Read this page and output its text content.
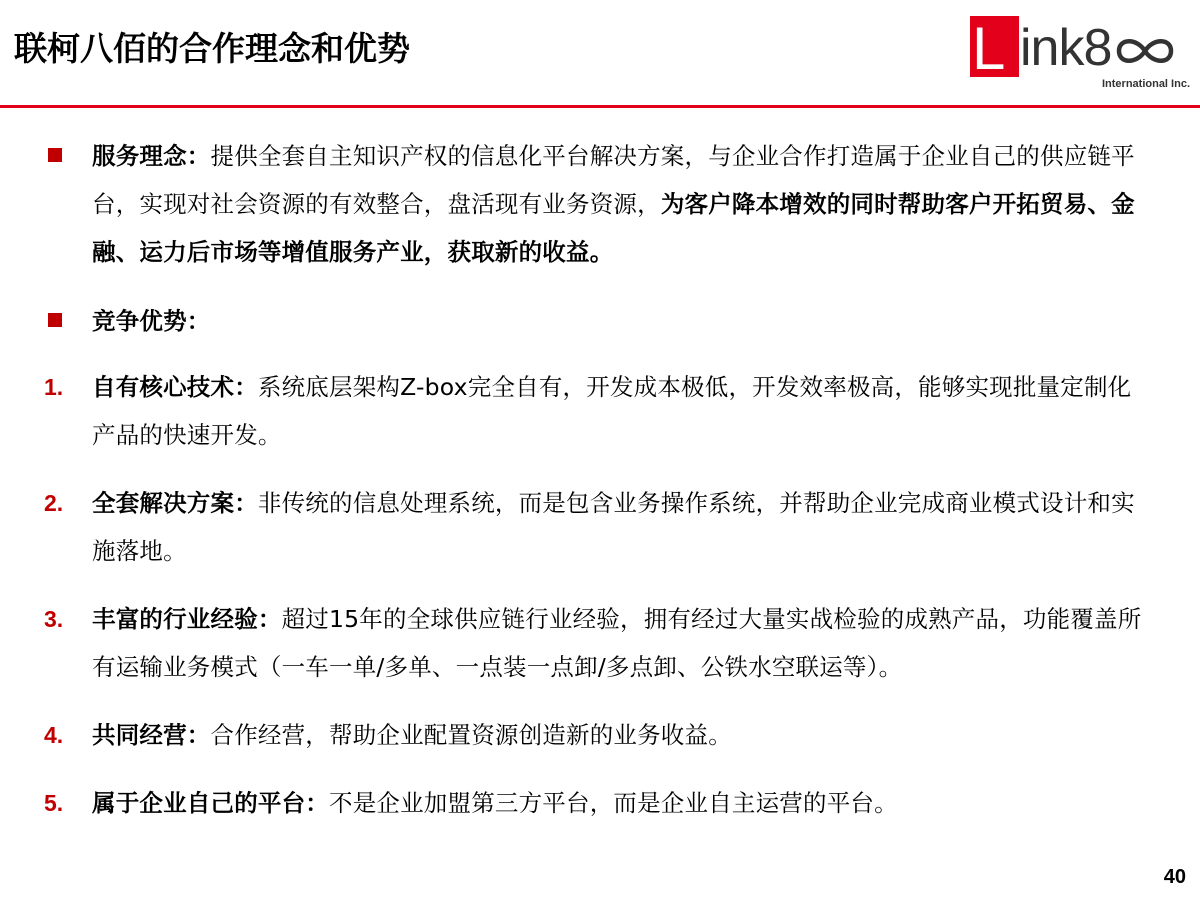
联柯八佰的合作理念和优势	L ink8
International Inc.
服务理念：提供全套自主知识产权的信息化平台解决方案，与企业合作打造属于企业自己的供应链平台，实现对社会资源的有效整合，盘活现有业务资源，为客户降本增效的同时帮助客户开拓贸易、金融、运力后市场等增值服务产业，获取新的收益。
竞争优势：
1. 自有核心技术：系统底层架构Z-box完全自有，开发成本极低，开发效率极高，能够实现批量定制化产品的快速开发。
2. 全套解决方案：非传统的信息处理系统，而是包含业务操作系统，并帮助企业完成商业模式设计和实施落地。
3. 丰富的行业经验：超过15年的全球供应链行业经验，拥有经过大量实战检验的成熟产品，功能覆盖所有运输业务模式（一车一单/多单、一点装一点卸/多点卸、公铁水空联运等）。
4. 共同经营：合作经营，帮助企业配置资源创造新的业务收益。
5. 属于企业自己的平台：不是企业加盟第三方平台，而是企业自主运营的平台。
40
